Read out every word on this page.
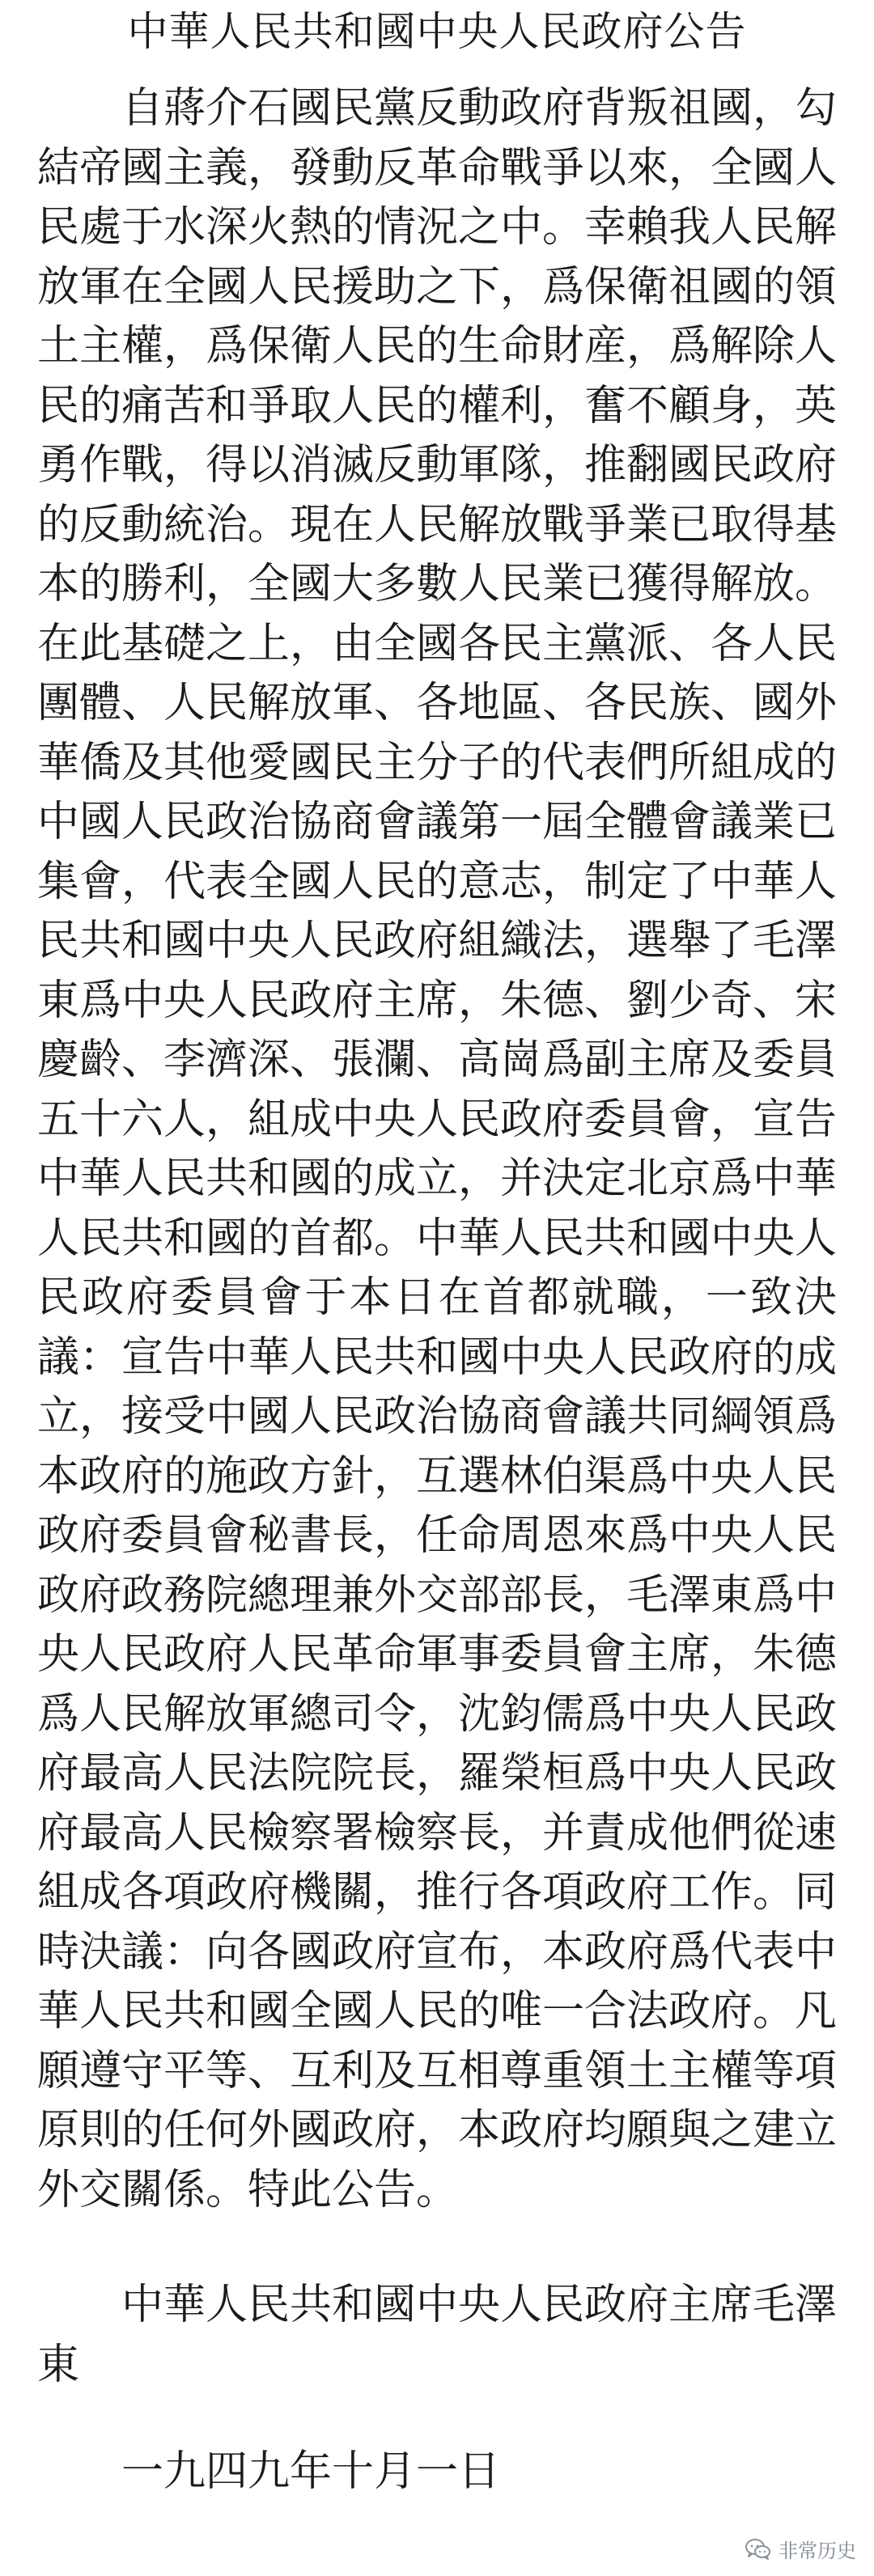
中華人民共和國中央人民政府公告

自蔣介石國民黨反動政府背叛祖國，勾結帝國主義，發動反革命戰爭以來，全國人民處于水深火熱的情況之中。幸賴我人民解放軍在全國人民援助之下，爲保衛祖國的領土主權，爲保衛人民的生命財産，爲解除人民的痛苦和爭取人民的權利，奮不顧身，英勇作戰，得以消滅反動軍隊，推翻國民政府的反動統治。現在人民解放戰爭業已取得基本的勝利，全國大多數人民業已獲得解放。在此基礎之上，由全國各民主黨派、各人民團體、人民解放軍、各地區、各民族、國外華僑及其他愛國民主分子的代表們所組成的中國人民政治協商會議第一屆全體會議業已集會，代表全國人民的意志，制定了中華人民共和國中央人民政府組織法，選舉了毛澤東爲中央人民政府主席，朱德、劉少奇、宋慶齡、李濟深、張瀾、高崗爲副主席及委員五十六人，組成中央人民政府委員會，宣告中華人民共和國的成立，并決定北京爲中華人民共和國的首都。中華人民共和國中央人民政府委員會于本日在首都就職，一致決議：宣告中華人民共和國中央人民政府的成立，接受中國人民政治協商會議共同綱領爲本政府的施政方針，互選林伯渠爲中央人民政府委員會秘書長，任命周恩來爲中央人民政府政務院總理兼外交部部長，毛澤東爲中央人民政府人民革命軍事委員會主席，朱德爲人民解放軍總司令，沈鈞儒爲中央人民政府最高人民法院院長，羅榮桓爲中央人民政府最高人民檢察署檢察長，并責成他們從速組成各項政府機關，推行各項政府工作。同時決議：向各國政府宣布，本政府爲代表中華人民共和國全國人民的唯一合法政府。凡願遵守平等、互利及互相尊重領土主權等項原則的任何外國政府，本政府均願與之建立外交關係。特此公告。

中華人民共和國中央人民政府主席毛澤東

一九四九年十月一日

非常历史
